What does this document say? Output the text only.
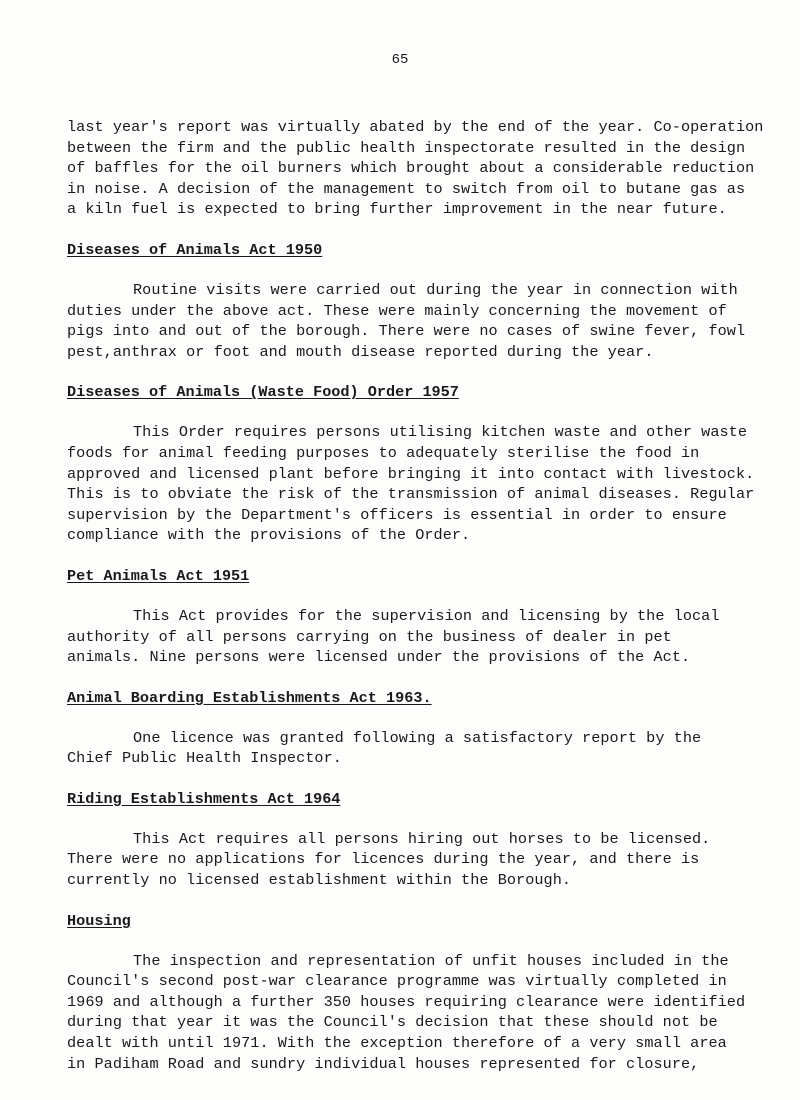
65

last year's report was virtually abated by the end of the year. Co-operation
between the firm and the public health inspectorate resulted in the design
of baffles for the oil burners which brought about a considerable reduction
in noise. A decision of the management to switch from oil to butane gas as
a kiln fuel is expected to bring further improvement in the near future.

Diseases of Animals Act 1950

Routine visits were carried out during the year in connection with
duties under the above act. These were mainly concerning the movement of
pigs into and out of the borough. There were no cases of swine fever, fowl
pest,anthrax or foot and mouth disease reported during the year.

Diseases of Animals (Waste Food) Order 1957

This Order requires persons utilising kitchen waste and other waste
foods for animal feeding purposes to adequately sterilise the food in
approved and licensed plant before bringing it into contact with livestock.
This is to obviate the risk of the transmission of animal diseases. Regular
supervision by the Department's officers is essential in order to ensure
compliance with the provisions of the Order.

Pet Animals Act 1951

This Act provides for the supervision and licensing by the local
authority of all persons carrying on the business of dealer in pet
animals. Nine persons were licensed under the provisions of the Act.

Animal Boarding Establishments Act 1963.

One licence was granted following a satisfactory report by the
Chief Public Health Inspector.

Riding Establishments Act 1964

This Act requires all persons hiring out horses to be licensed.
There were no applications for licences during the year, and there is
currently no licensed establishment within the Borough.

Housing

The inspection and representation of unfit houses included in the
Council's second post-war clearance programme was virtually completed in
1969 and although a further 350 houses requiring clearance were identified
during that year it was the Council's decision that these should not be
dealt with until 1971. With the exception therefore of a very small area
in Padiham Road and sundry individual houses represented for closure,
